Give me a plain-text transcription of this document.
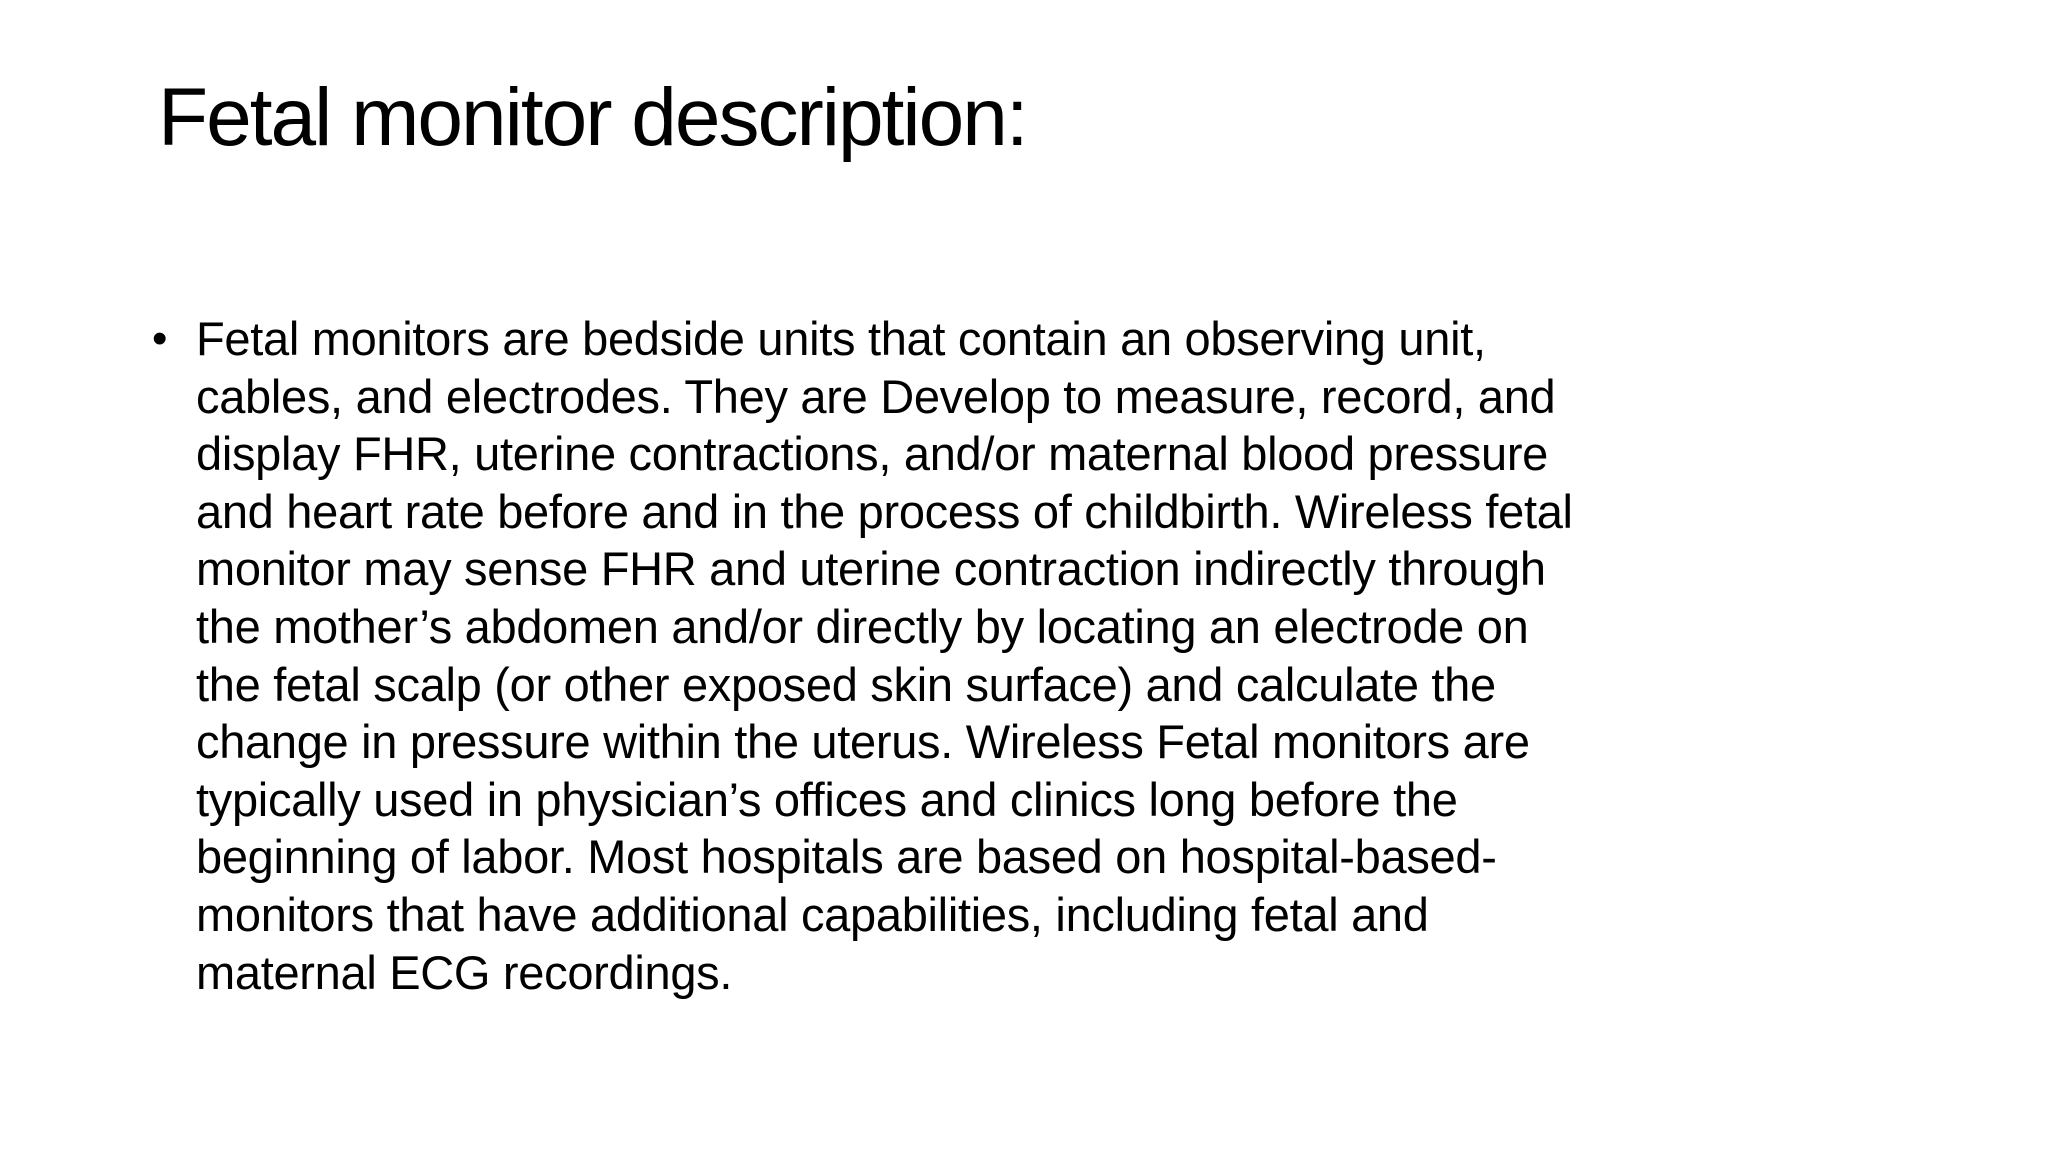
Fetal monitor description:
• Fetal monitors are bedside units that contain an observing unit,
cables, and electrodes. They are Develop to measure, record, and
display FHR, uterine contractions, and/or maternal blood pressure
and heart rate before and in the process of childbirth. Wireless fetal
monitor may sense FHR and uterine contraction indirectly through
the mother’s abdomen and/or directly by locating an electrode on
the fetal scalp (or other exposed skin surface) and calculate the
change in pressure within the uterus. Wireless Fetal monitors are
typically used in physician’s offices and clinics long before the
beginning of labor. Most hospitals are based on hospital-based-
monitors that have additional capabilities, including fetal and
maternal ECG recordings.
